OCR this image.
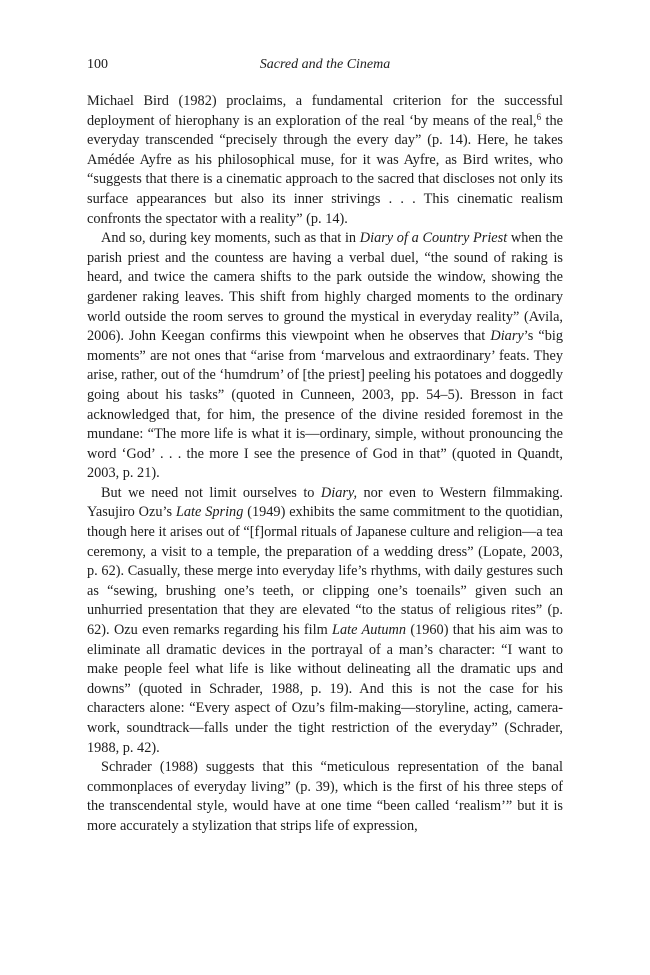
100	Sacred and the Cinema

Michael Bird (1982) proclaims, a fundamental criterion for the successful deployment of hierophany is an exploration of the real ‘by means of the real,$^6$ the everyday transcended “precisely through the every day” (p. 14). Here, he takes Amédée Ayfre as his philosophical muse, for it was Ayfre, as Bird writes, who “suggests that there is a cinematic approach to the sacred that discloses not only its surface appearances but also its inner strivings . . . This cinematic realism confronts the spectator with a reality” (p. 14).

And so, during key moments, such as that in Diary of a Country Priest when the parish priest and the countess are having a verbal duel, “the sound of raking is heard, and twice the camera shifts to the park outside the window, showing the gardener raking leaves. This shift from highly charged moments to the ordinary world outside the room serves to ground the mystical in everyday reality” (Avila, 2006). John Keegan confirms this viewpoint when he observes that Diary’s “big moments” are not ones that “arise from ‘marvelous and extraordinary’ feats. They arise, rather, out of the ‘humdrum’ of [the priest] peeling his potatoes and doggedly going about his tasks” (quoted in Cunneen, 2003, pp. 54–5). Bresson in fact acknowledged that, for him, the presence of the divine resided foremost in the mundane: “The more life is what it is—ordinary, simple, without pronouncing the word ‘God’ . . . the more I see the presence of God in that” (quoted in Quandt, 2003, p. 21).

But we need not limit ourselves to Diary, nor even to Western filmmaking. Yasujiro Ozu’s Late Spring (1949) exhibits the same commitment to the quotidian, though here it arises out of “[f]ormal rituals of Japanese culture and religion—a tea ceremony, a visit to a temple, the preparation of a wedding dress” (Lopate, 2003, p. 62). Casually, these merge into everyday life’s rhythms, with daily gestures such as “sewing, brushing one’s teeth, or clipping one’s toenails” given such an unhurried presentation that they are elevated “to the status of religious rites” (p. 62). Ozu even remarks regarding his film Late Autumn (1960) that his aim was to eliminate all dramatic devices in the portrayal of a man’s character: “I want to make people feel what life is like without delineating all the dramatic ups and downs” (quoted in Schrader, 1988, p. 19). And this is not the case for his characters alone: “Every aspect of Ozu’s film-making—storyline, acting, camera-work, soundtrack—falls under the tight restriction of the everyday” (Schrader, 1988, p. 42).

Schrader (1988) suggests that this “meticulous representation of the banal commonplaces of everyday living” (p. 39), which is the first of his three steps of the transcendental style, would have at one time “been called ‘realism’” but it is more accurately a stylization that strips life of expression,
